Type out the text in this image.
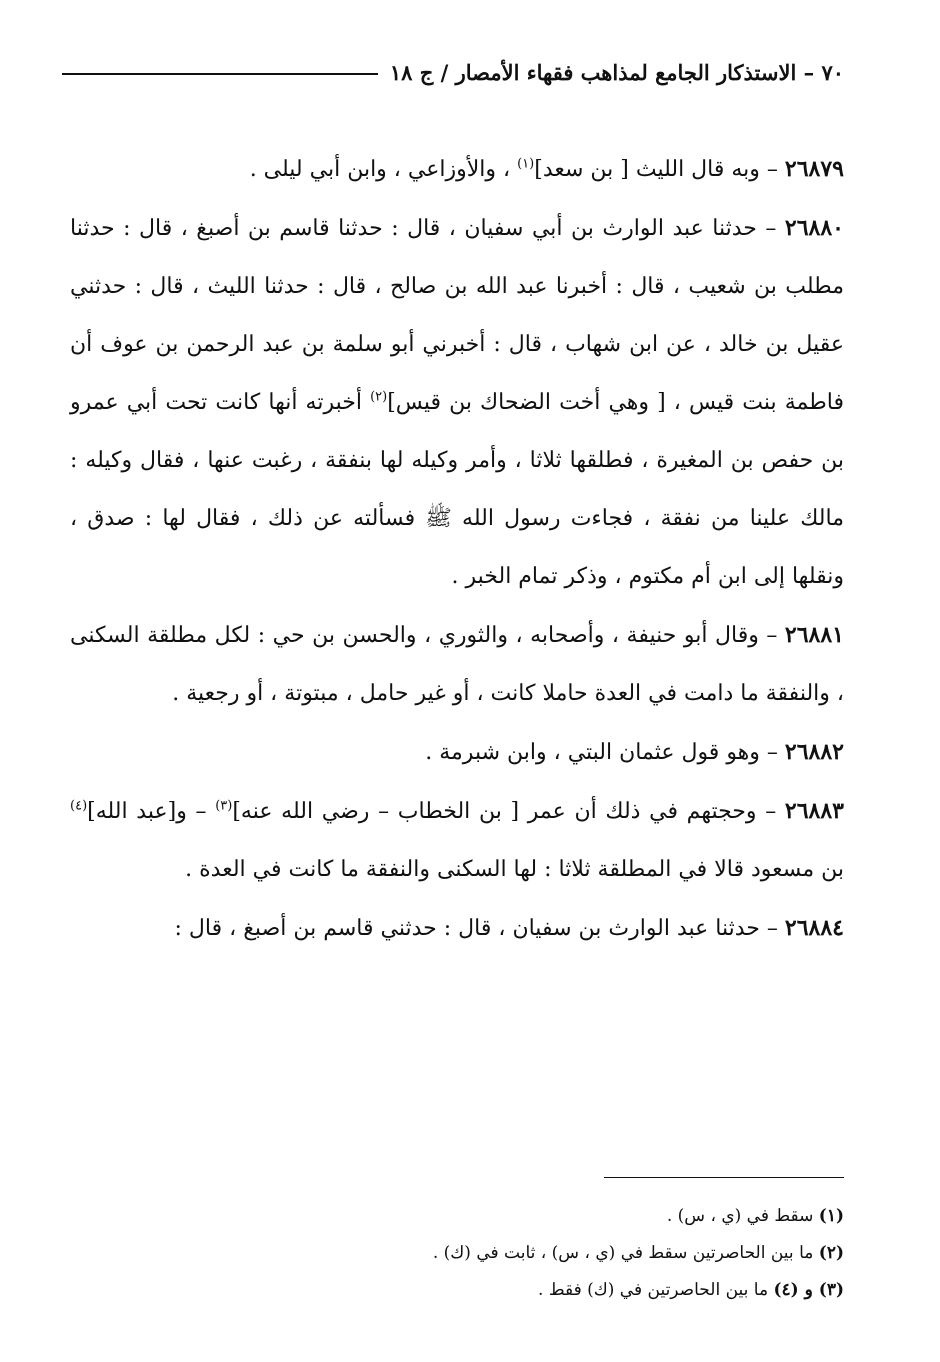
٧٠ – الاستذكار الجامع لمذاهب فقهاء الأمصار / ج ١٨

٢٦٨٧٩ – وبه قال الليث [ بن سعد]$^{(١)}$ ، والأوزاعي ، وابن أبي ليلى .

٢٦٨٨٠ – حدثنا عبد الوارث بن أبي سفيان ، قال : حدثنا قاسم بن أصبغ ، قال : حدثنا مطلب بن شعيب ، قال : أخبرنا عبد الله بن صالح ، قال : حدثنا الليث ، قال : حدثني عقيل بن خالد ، عن ابن شهاب ، قال : أخبرني أبو سلمة بن عبد الرحمن بن عوف أن فاطمة بنت قيس ، [ وهي أخت الضحاك بن قيس]$^{(٢)}$ أخبرته أنها كانت تحت أبي عمرو بن حفص بن المغيرة ، فطلقها ثلاثا ، وأمر وكيله لها بنفقة ، رغبت عنها ، فقال وكيله : مالك علينا من نفقة ، فجاءت رسول الله ﷺ فسألته عن ذلك ، فقال لها : صدق ، ونقلها إلى ابن أم مكتوم ، وذكر تمام الخبر .

٢٦٨٨١ – وقال أبو حنيفة ، وأصحابه ، والثوري ، والحسن بن حي : لكل مطلقة السكنى ، والنفقة ما دامت في العدة حاملا كانت ، أو غير حامل ، مبتوتة ، أو رجعية .

٢٦٨٨٢ – وهو قول عثمان البتي ، وابن شبرمة .

٢٦٨٨٣ – وحجتهم في ذلك أن عمر [ بن الخطاب – رضي الله عنه]$^{(٣)}$ – و[عبد الله]$^{(٤)}$ بن مسعود قالا في المطلقة ثلاثا : لها السكنى والنفقة ما كانت في العدة .

٢٦٨٨٤ – حدثنا عبد الوارث بن سفيان ، قال : حدثني قاسم بن أصبغ ، قال :

(١) سقط في (ي ، س) .

(٢) ما بين الحاصرتين سقط في (ي ، س) ، ثابت في (ك) .

(٣) و (٤) ما بين الحاصرتين في (ك) فقط .
